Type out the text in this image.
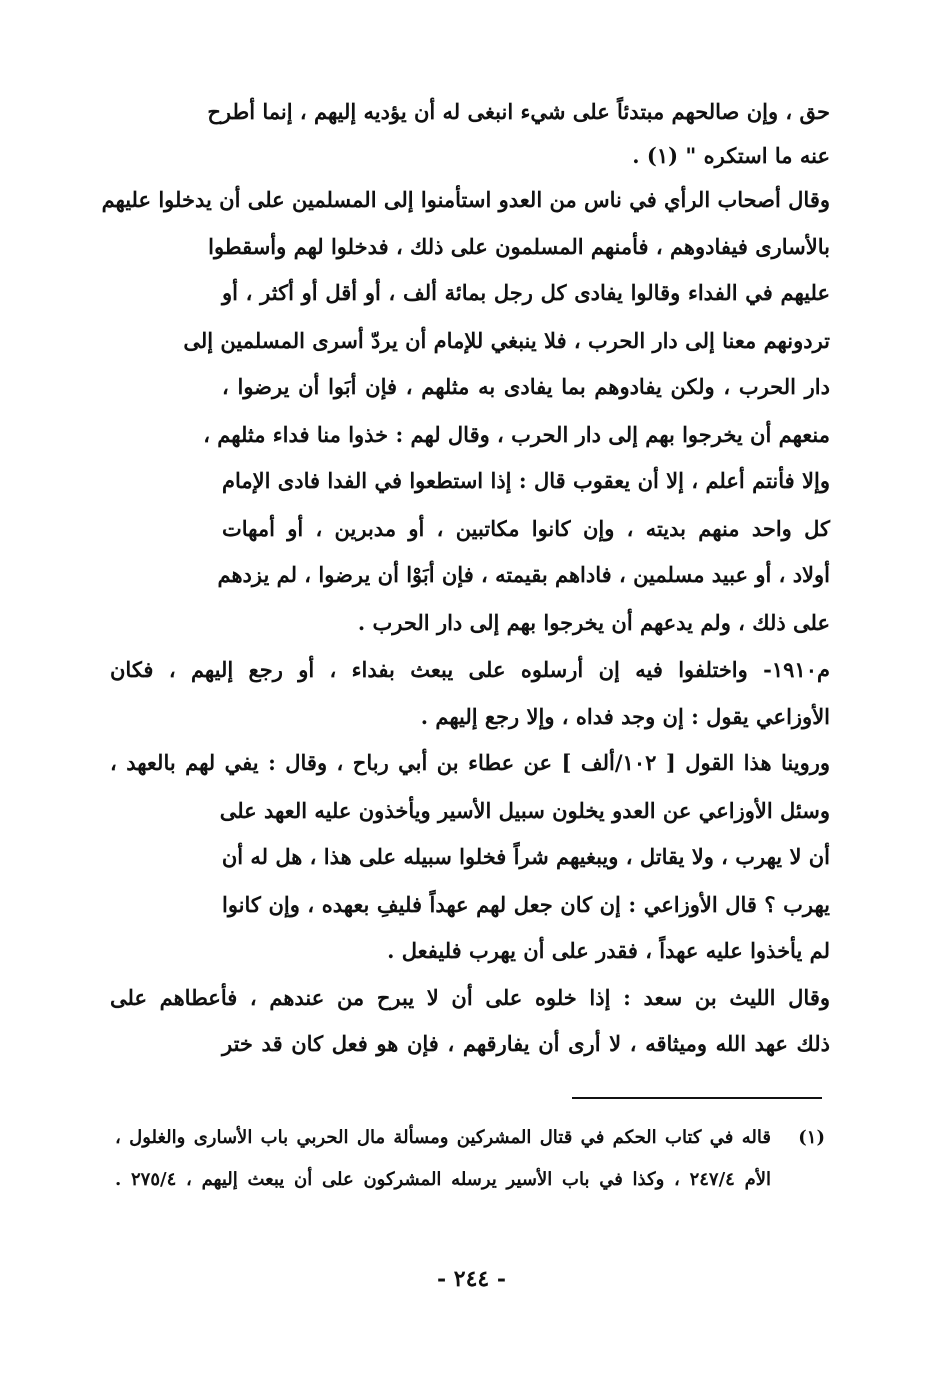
حق ، وإن صالحهم مبتدئاً على شيء انبغى له أن يؤديه إليهم ، إنما أطرح
عنه ما استكره " (١) .
وقال أصحاب الرأي في ناس من العدو استأمنوا إلى المسلمين على أن يدخلوا عليهم
بالأسارى فيفادوهم ، فأمنهم المسلمون على ذلك ، فدخلوا لهم وأسقطوا
عليهم في الفداء وقالوا يفادى كل رجل بمائة ألف ، أو أقل أو أكثر ، أو
تردونهم معنا إلى دار الحرب ، فلا ينبغي للإمام أن يردّ أسرى المسلمين إلى
دار الحرب ، ولكن يفادوهم بما يفادى به مثلهم ، فإن أبَوا أن يرضوا ،
منعهم أن يخرجوا بهم إلى دار الحرب ، وقال لهم : خذوا منا فداء مثلهم ،
وإلا فأنتم أعلم ، إلا أن يعقوب قال : إذا استطعوا في الفدا فادى الإمام
كل واحد منهم بديته ، وإن كانوا مكاتبين ، أو مدبرين ، أو أمهات
أولاد ، أو عبيد مسلمين ، فاداهم بقيمته ، فإن أبَوْا أن يرضوا ، لم يزدهم
على ذلك ، ولم يدعهم أن يخرجوا بهم إلى دار الحرب .
م١٩١٠- واختلفوا فيه إن أرسلوه على يبعث بفداء ، أو رجع إليهم ، فكان
الأوزاعي يقول : إن وجد فداه ، وإلا رجع إليهم .
وروينا هذا القول [ ١٠٢/ألف ] عن عطاء بن أبي رباح ، وقال : يفي لهم بالعهد ،
وسئل الأوزاعي عن العدو يخلون سبيل الأسير ويأخذون عليه العهد على
أن لا يهرب ، ولا يقاتل ، ويبغيهم شراً فخلوا سبيله على هذا ، هل له أن
يهرب ؟ قال الأوزاعي : إن كان جعل لهم عهداً فليفِ بعهده ، وإن كانوا
لم يأخذوا عليه عهداً ، فقدر على أن يهرب فليفعل .
وقال الليث بن سعد : إذا خلوه على أن لا يبرح من عندهم ، فأعطاهم على
ذلك عهد الله وميثاقه ، لا أرى أن يفارقهم ، فإن هو فعل كان قد ختر
(١)
قاله في كتاب الحكم في قتال المشركين ومسألة مال الحربي باب الأسارى والغلول ،
الأم ٢٤٧/٤ ، وكذا في باب الأسير يرسله المشركون على أن يبعث إليهم ، ٢٧٥/٤ .
- ٢٤٤ -
